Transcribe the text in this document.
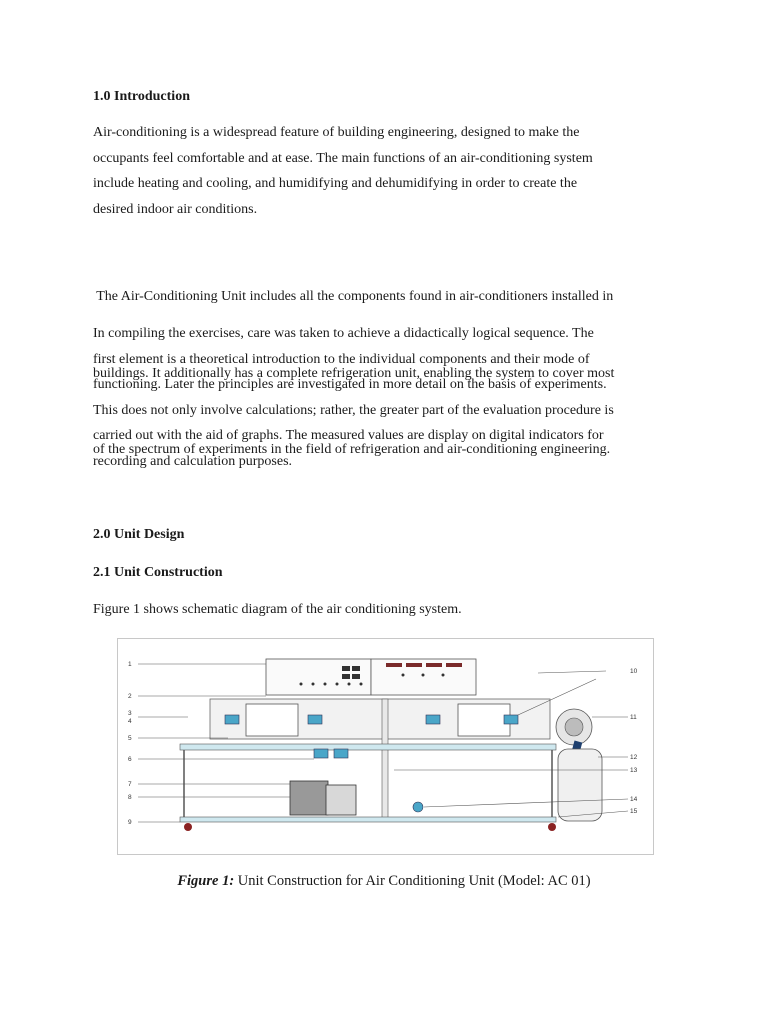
1.0 Introduction
Air-conditioning is a widespread feature of building engineering, designed to make the
occupants feel comfortable and at ease. The main functions of an air-conditioning system
include heating and cooling, and humidifying and dehumidifying in order to create the
desired indoor air conditions.

The Air-Conditioning Unit includes all the components found in air-conditioners installed in

buildings. It additionally has a complete refrigeration unit, enabling the system to cover most

of the spectrum of experiments in the field of refrigeration and air-conditioning engineering.

In compiling the exercises, care was taken to achieve a didactically logical sequence. The
first element is a theoretical introduction to the individual components and their mode of
functioning. Later the principles are investigated in more detail on the basis of experiments.
This does not only involve calculations; rather, the greater part of the evaluation procedure is
carried out with the aid of graphs. The measured values are display on digital indicators for
recording and calculation purposes.
2.0 Unit Design
2.1 Unit Construction

Figure 1 shows schematic diagram of the air conditioning system.

1
2
3
4
5
6
7
8
9
10
11
12
13
14
15

Figure 1: Unit Construction for Air Conditioning Unit (Model: AC 01)
